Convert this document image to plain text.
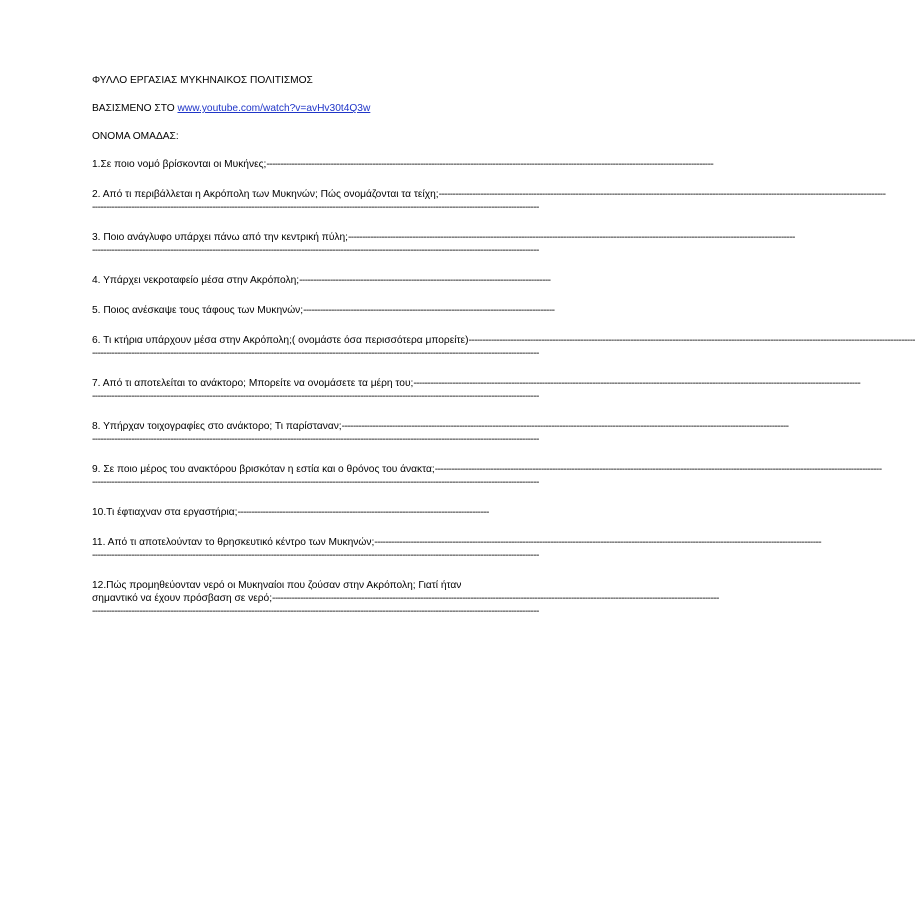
ΦΥΛΛΟ ΕΡΓΑΣΙΑΣ ΜΥΚΗΝΑΙΚΟΣ ΠΟΛΙΤΙΣΜΟΣ
ΒΑΣΙΣΜΕΝΟ ΣΤΟ www.youtube.com/watch?v=avHv30t4Q3w
ΟΝΟΜΑ ΟΜΑΔΑΣ:
1.Σε ποιο νομό βρίσκονται οι Μυκήνες;----------------------------------------------------------------------------------------------------------------------------------------------------------------
2. Από τι περιβάλλεται η Ακρόπολη των Μυκηνών; Πώς ονομάζονται τα τείχη;----------------------------------------------------------------------------------------------------------------------------------------------------------------
----------------------------------------------------------------------------------------------------------------------------------------------------------------
3. Ποιο ανάγλυφο υπάρχει πάνω από την κεντρική πύλη;----------------------------------------------------------------------------------------------------------------------------------------------------------------
----------------------------------------------------------------------------------------------------------------------------------------------------------------
4. Υπάρχει νεκροταφείο μέσα στην Ακρόπολη;------------------------------------------------------------------------------------------
5. Ποιος ανέσκαψε τους τάφους των Μυκηνών;------------------------------------------------------------------------------------------
6. Τι κτήρια υπάρχουν μέσα στην Ακρόπολη;( ονομάστε όσα περισσότερα μπορείτε)----------------------------------------------------------------------------------------------------------------------------------------------------------------
----------------------------------------------------------------------------------------------------------------------------------------------------------------
7. Από τι αποτελείται το ανάκτορο; Μπορείτε να ονομάσετε τα μέρη του;----------------------------------------------------------------------------------------------------------------------------------------------------------------
----------------------------------------------------------------------------------------------------------------------------------------------------------------
8. Υπήρχαν τοιχογραφίες στο ανάκτορο; Τι παρίσταναν;----------------------------------------------------------------------------------------------------------------------------------------------------------------
----------------------------------------------------------------------------------------------------------------------------------------------------------------
9. Σε ποιο μέρος του ανακτόρου βρισκόταν η εστία και ο θρόνος του άνακτα;----------------------------------------------------------------------------------------------------------------------------------------------------------------
----------------------------------------------------------------------------------------------------------------------------------------------------------------
10.Τι έφτιαχναν στα εργαστήρια;------------------------------------------------------------------------------------------
11. Από τι αποτελούνταν το θρησκευτικό κέντρο των Μυκηνών;----------------------------------------------------------------------------------------------------------------------------------------------------------------
----------------------------------------------------------------------------------------------------------------------------------------------------------------
12.Πώς προμηθεύονταν νερό οι Μυκηναίοι που ζούσαν στην Ακρόπολη; Γιατί ήταν
σημαντικό να έχουν πρόσβαση σε νερό;----------------------------------------------------------------------------------------------------------------------------------------------------------------
----------------------------------------------------------------------------------------------------------------------------------------------------------------
